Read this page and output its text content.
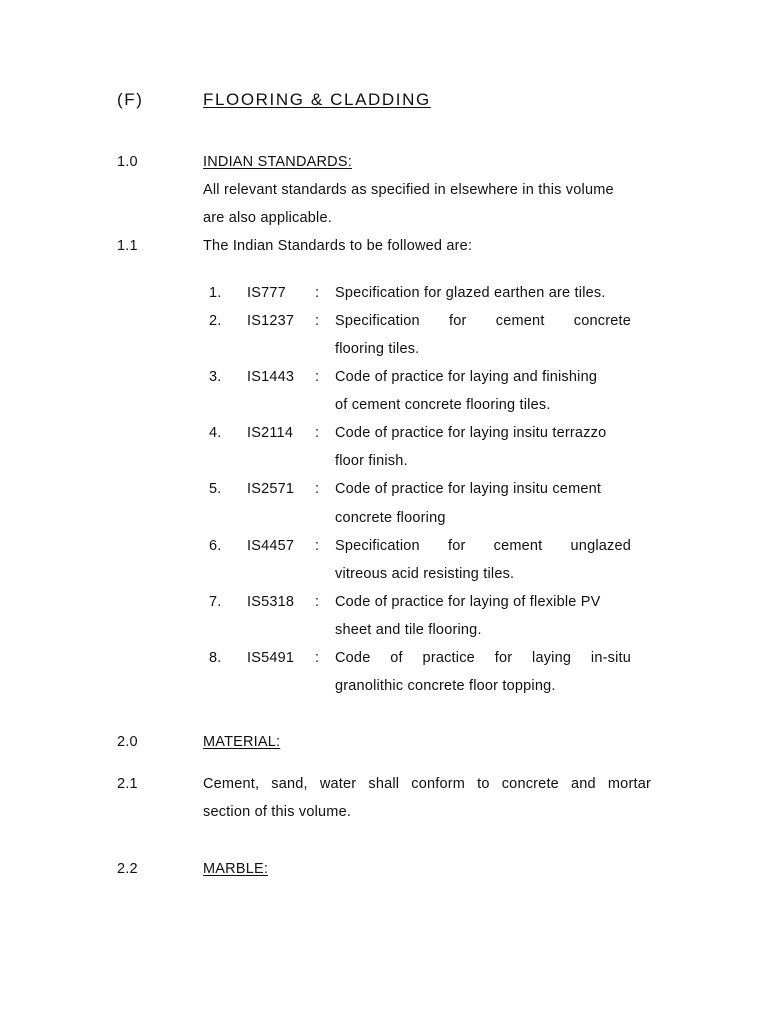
(F)	FLOORING & CLADDING
1.0	INDIAN STANDARDS:
All relevant standards as specified in elsewhere in this volume
are also applicable.
1.1	The Indian Standards to be followed are:
1. IS777 : Specification for glazed earthen are tiles.
2. IS1237 : Specification for cement concrete
flooring tiles.
3. IS1443 : Code of practice for laying and finishing
of cement concrete flooring tiles.
4. IS2114 : Code of practice for laying insitu terrazzo
floor finish.
5. IS2571 : Code of practice for laying insitu cement
concrete flooring
6. IS4457 : Specification for cement unglazed
vitreous acid resisting tiles.
7. IS5318 : Code of practice for laying of flexible PV
sheet and tile flooring.
8. IS5491 : Code of practice for laying in-situ
granolithic concrete floor topping.
2.0	MATERIAL:
2.1	Cement, sand, water shall conform to concrete and mortar
section of this volume.
2.2	MARBLE:
